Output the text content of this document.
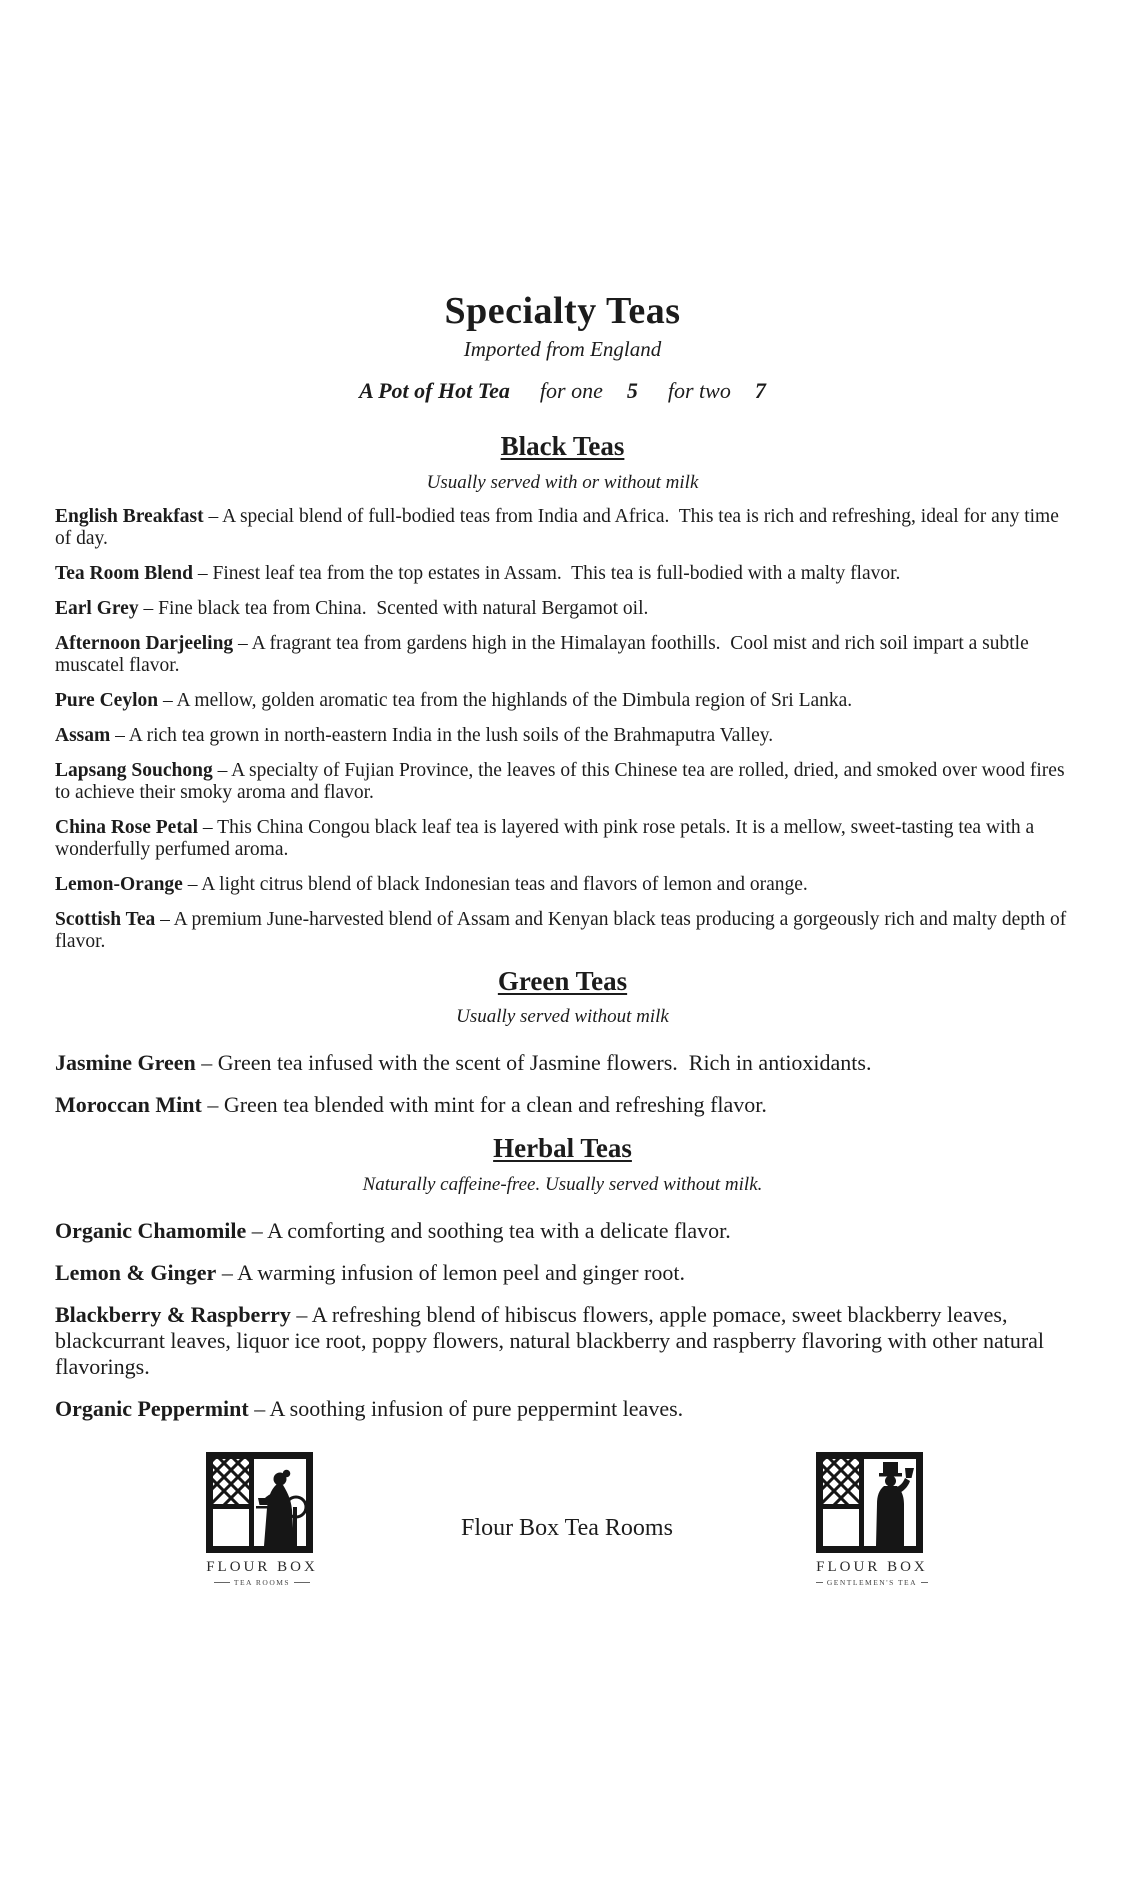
Specialty Teas
Imported from England
A Pot of Hot Tea for one 5 for two 7
Black Teas
Usually served with or without milk

English Breakfast – A special blend of full-bodied teas from India and Africa.  This tea is rich and refreshing, ideal for any time of day.

Tea Room Blend – Finest leaf tea from the top estates in Assam.  This tea is full-bodied with a malty flavor.

Earl Grey – Fine black tea from China.  Scented with natural Bergamot oil.

Afternoon Darjeeling – A fragrant tea from gardens high in the Himalayan foothills.  Cool mist and rich soil impart a subtle muscatel flavor.

Pure Ceylon – A mellow, golden aromatic tea from the highlands of the Dimbula region of Sri Lanka.

Assam – A rich tea grown in north-eastern India in the lush soils of the Brahmaputra Valley.

Lapsang Souchong – A specialty of Fujian Province, the leaves of this Chinese tea are rolled, dried, and smoked over wood fires to achieve their smoky aroma and flavor.

China Rose Petal – This China Congou black leaf tea is layered with pink rose petals. It is a mellow, sweet-tasting tea with a wonderfully perfumed aroma.

Lemon-Orange – A light citrus blend of black Indonesian teas and flavors of lemon and orange.

Scottish Tea – A premium June-harvested blend of Assam and Kenyan black teas producing a gorgeously rich and malty depth of flavor.

Green Teas
Usually served without milk

Jasmine Green – Green tea infused with the scent of Jasmine flowers.  Rich in antioxidants.

Moroccan Mint – Green tea blended with mint for a clean and refreshing flavor.

Herbal Teas
Naturally caffeine-free. Usually served without milk.

Organic Chamomile – A comforting and soothing tea with a delicate flavor.

Lemon & Ginger – A warming infusion of lemon peel and ginger root.

Blackberry & Raspberry – A refreshing blend of hibiscus flowers, apple pomace, sweet blackberry leaves, blackcurrant leaves, liquor ice root, poppy flowers, natural blackberry and raspberry flavoring with other natural flavorings.

Organic Peppermint – A soothing infusion of pure peppermint leaves.

FLOUR BOX
TEA ROOMS
Flour Box Tea Rooms
FLOUR BOX
GENTLEMEN'S TEA
